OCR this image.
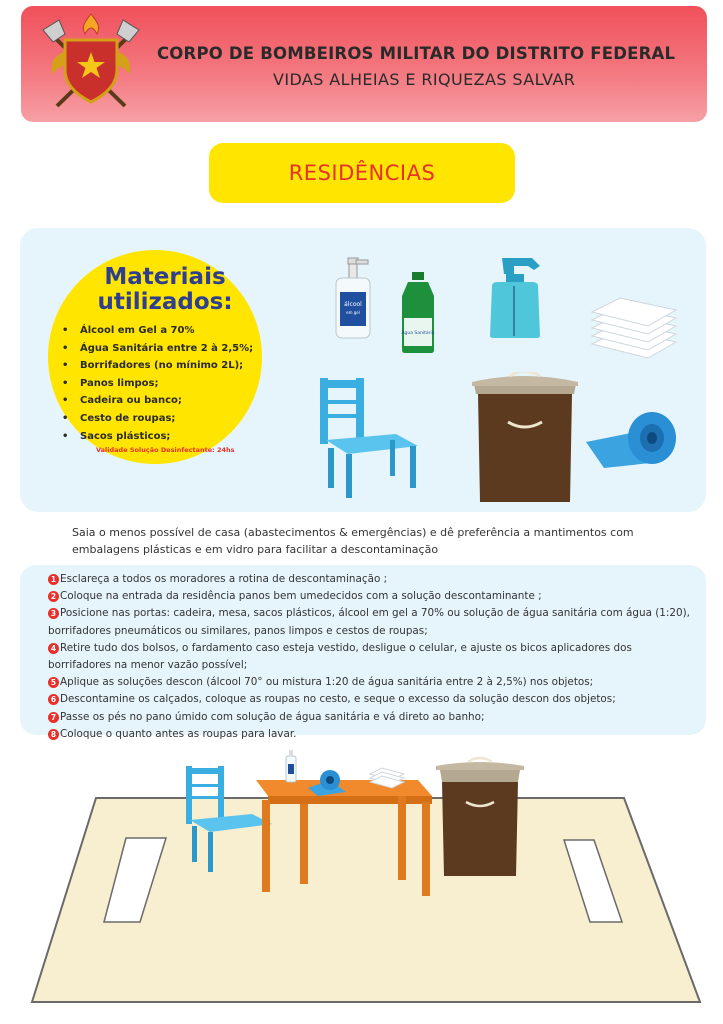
CORPO DE BOMBEIROS MILITAR DO DISTRITO FEDERAL
VIDAS ALHEIAS E RIQUEZAS SALVAR
RESIDÊNCIAS
Materiais
utilizados:
• Álcool em Gel a 70%
• Água Sanitária entre 2 à 2,5%;
• Borrifadores (no mínimo 2L);
• Panos limpos;
• Cadeira ou banco;
• Cesto de roupas;
• Sacos plásticos;
Validade Solução Desinfectante: 24hs
álcool
em gel
Água Sanitária
Saia o menos possível de casa (abastecimentos & emergências) e dê preferência a mantimentos com embalagens plásticas e em vidro para facilitar a descontaminação
1 Esclareça a todos os moradores a rotina de descontaminação ;
2 Coloque na entrada da residência panos bem umedecidos com a solução descontaminante ;
3 Posicione nas portas: cadeira, mesa, sacos plásticos, álcool em gel a 70% ou solução de água sanitária com água (1:20), borrifadores pneumáticos ou similares, panos limpos e cestos de roupas;
4 Retire tudo dos bolsos, o fardamento caso esteja vestido, desligue o celular, e ajuste os bicos aplicadores dos borrifadores na menor vazão possível;
5 Aplique as soluções descon (álcool 70° ou mistura 1:20 de água sanitária entre 2 à 2,5%) nos objetos;
6 Descontamine os calçados, coloque as roupas no cesto, e seque o excesso da solução descon dos objetos;
7 Passe os pés no pano úmido com solução de água sanitária e vá direto ao banho;
8 Coloque o quanto antes as roupas para lavar.
